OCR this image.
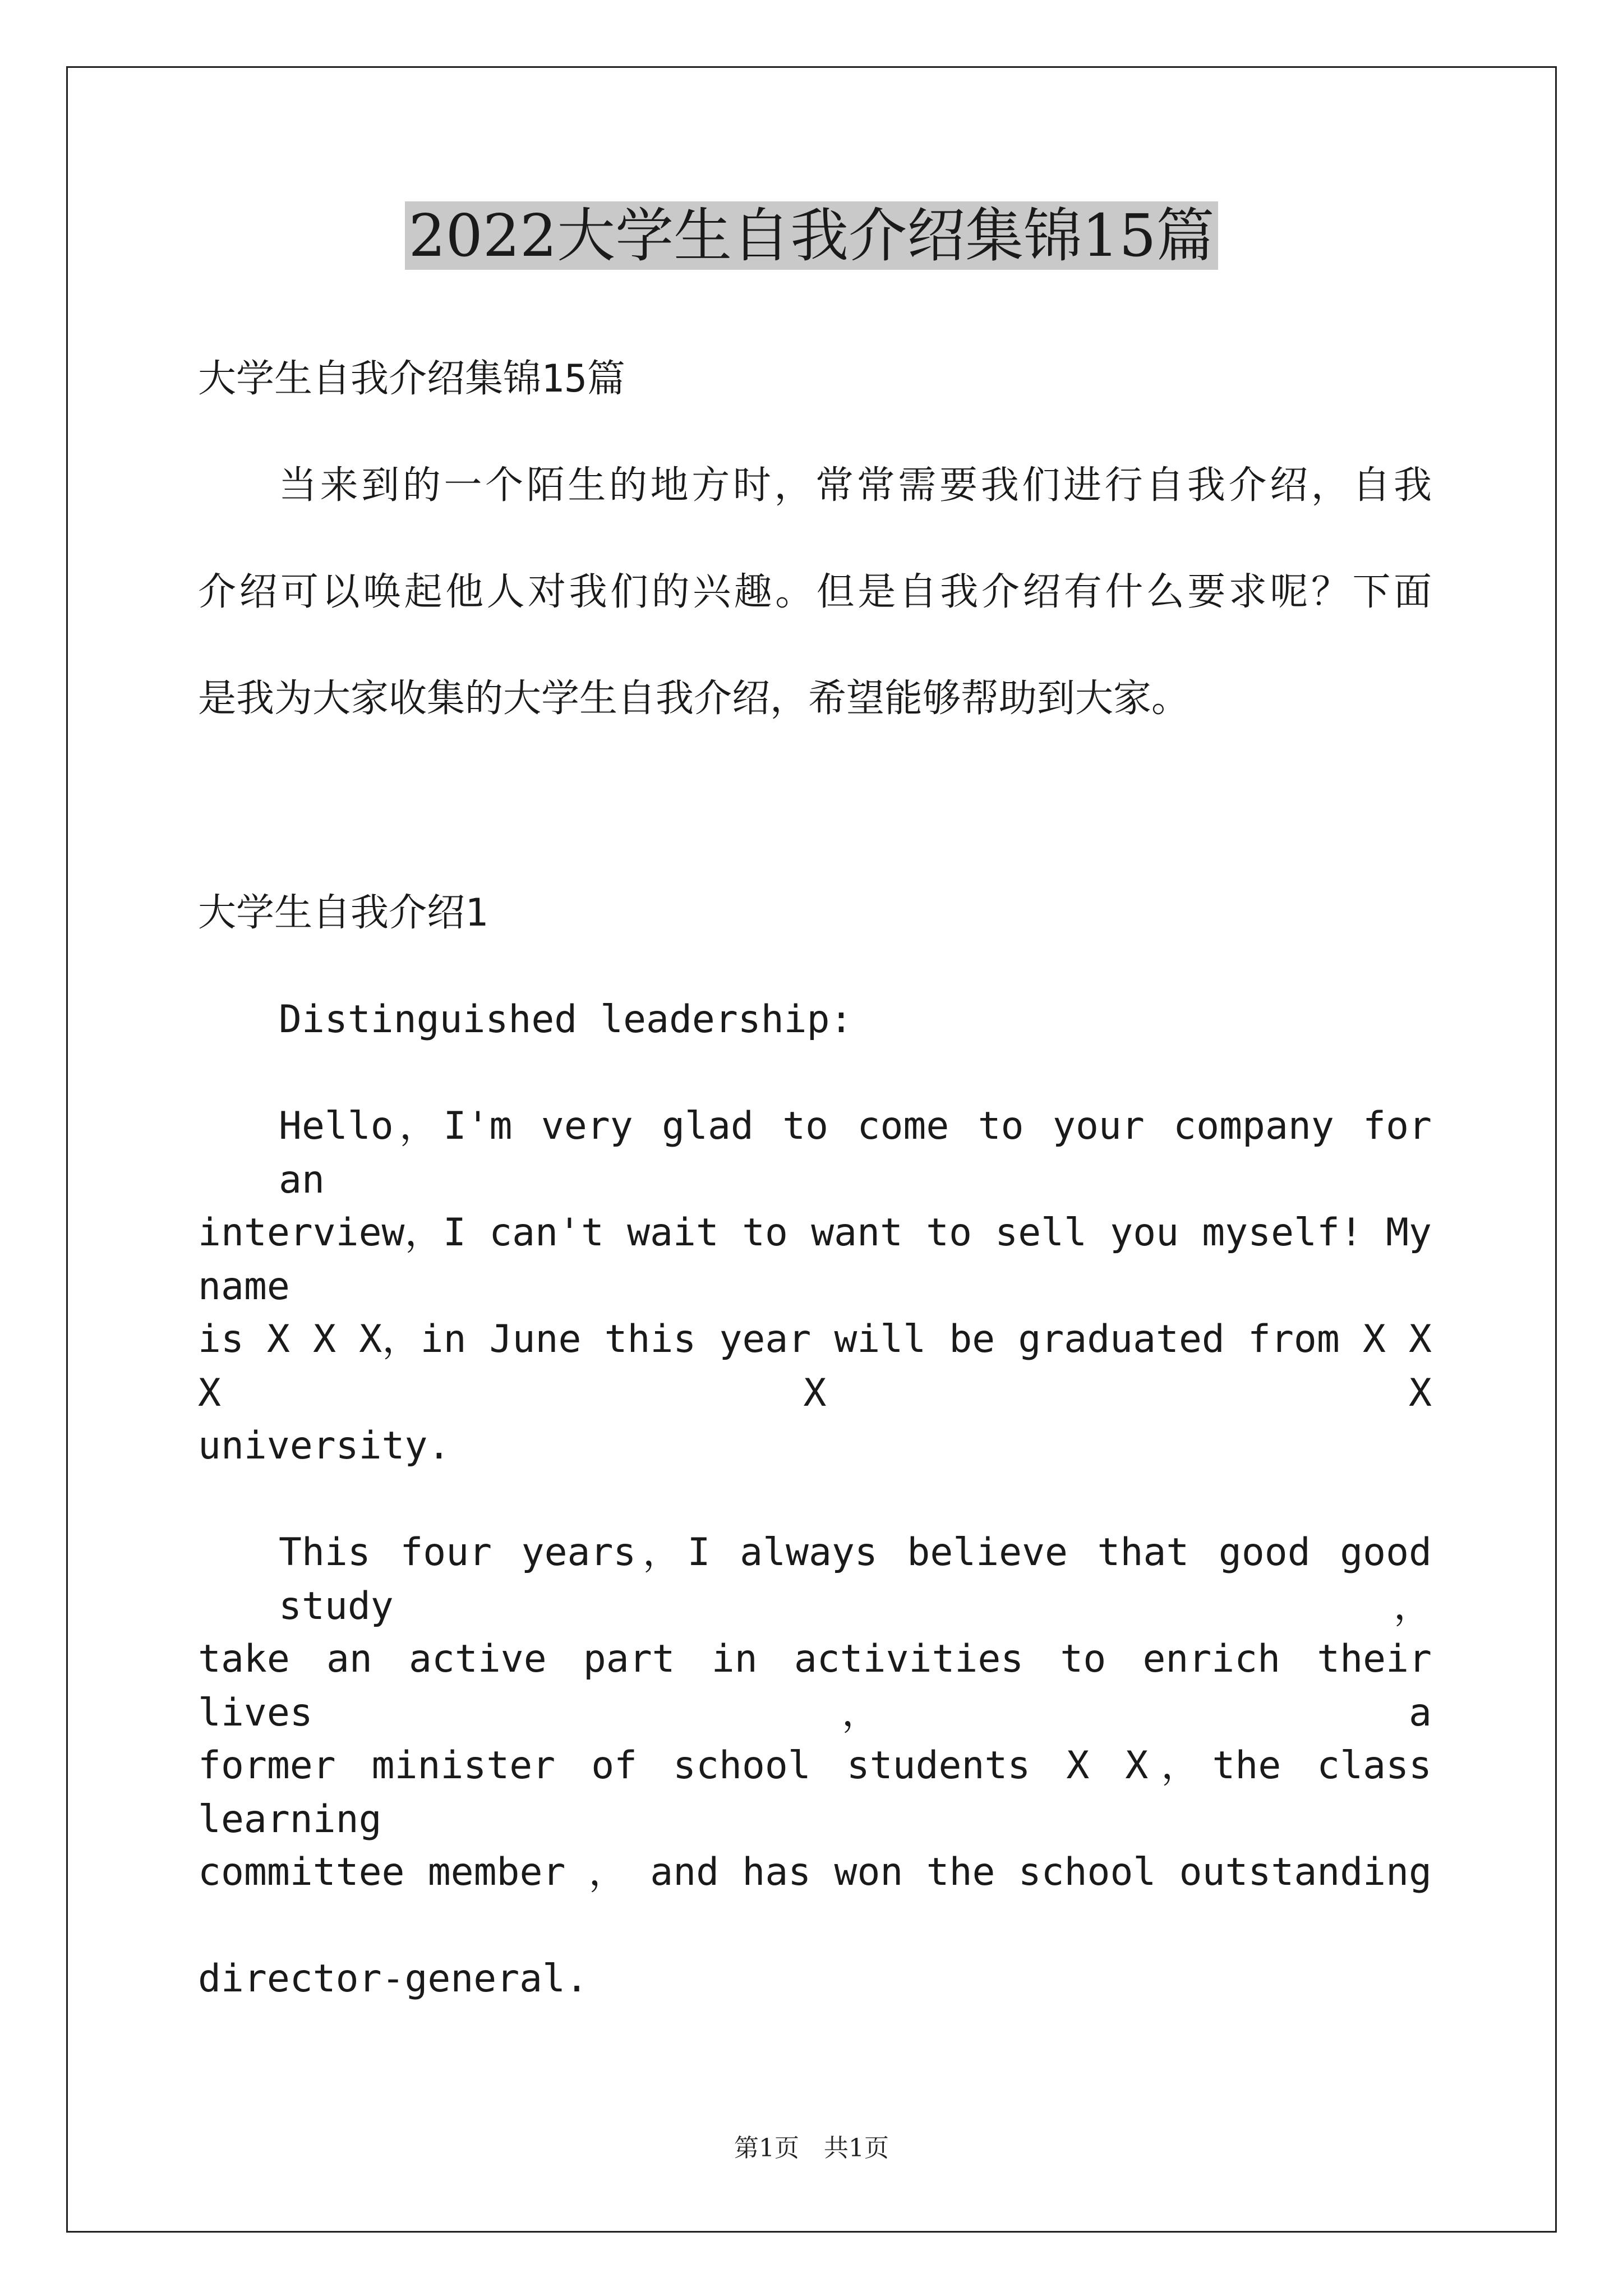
2022大学生自我介绍集锦15篇
大学生自我介绍集锦15篇
当来到的一个陌生的地方时，常常需要我们进行自我介绍，自我
介绍可以唤起他人对我们的兴趣。但是自我介绍有什么要求呢？下面
是我为大家收集的大学生自我介绍，希望能够帮助到大家。
大学生自我介绍1
Distinguished leadership:
Hello，I'm very glad to come to your company for an
interview，I can't wait to want to sell you myself! My name
is X X X，in June this year will be graduated from X X X X X
university.
This four years，I always believe that good good study，
take an active part in activities to enrich their lives，a
former minister of school students X X，the class learning
committee member ， and has won the school outstanding
director-general.
第1页　共1页
